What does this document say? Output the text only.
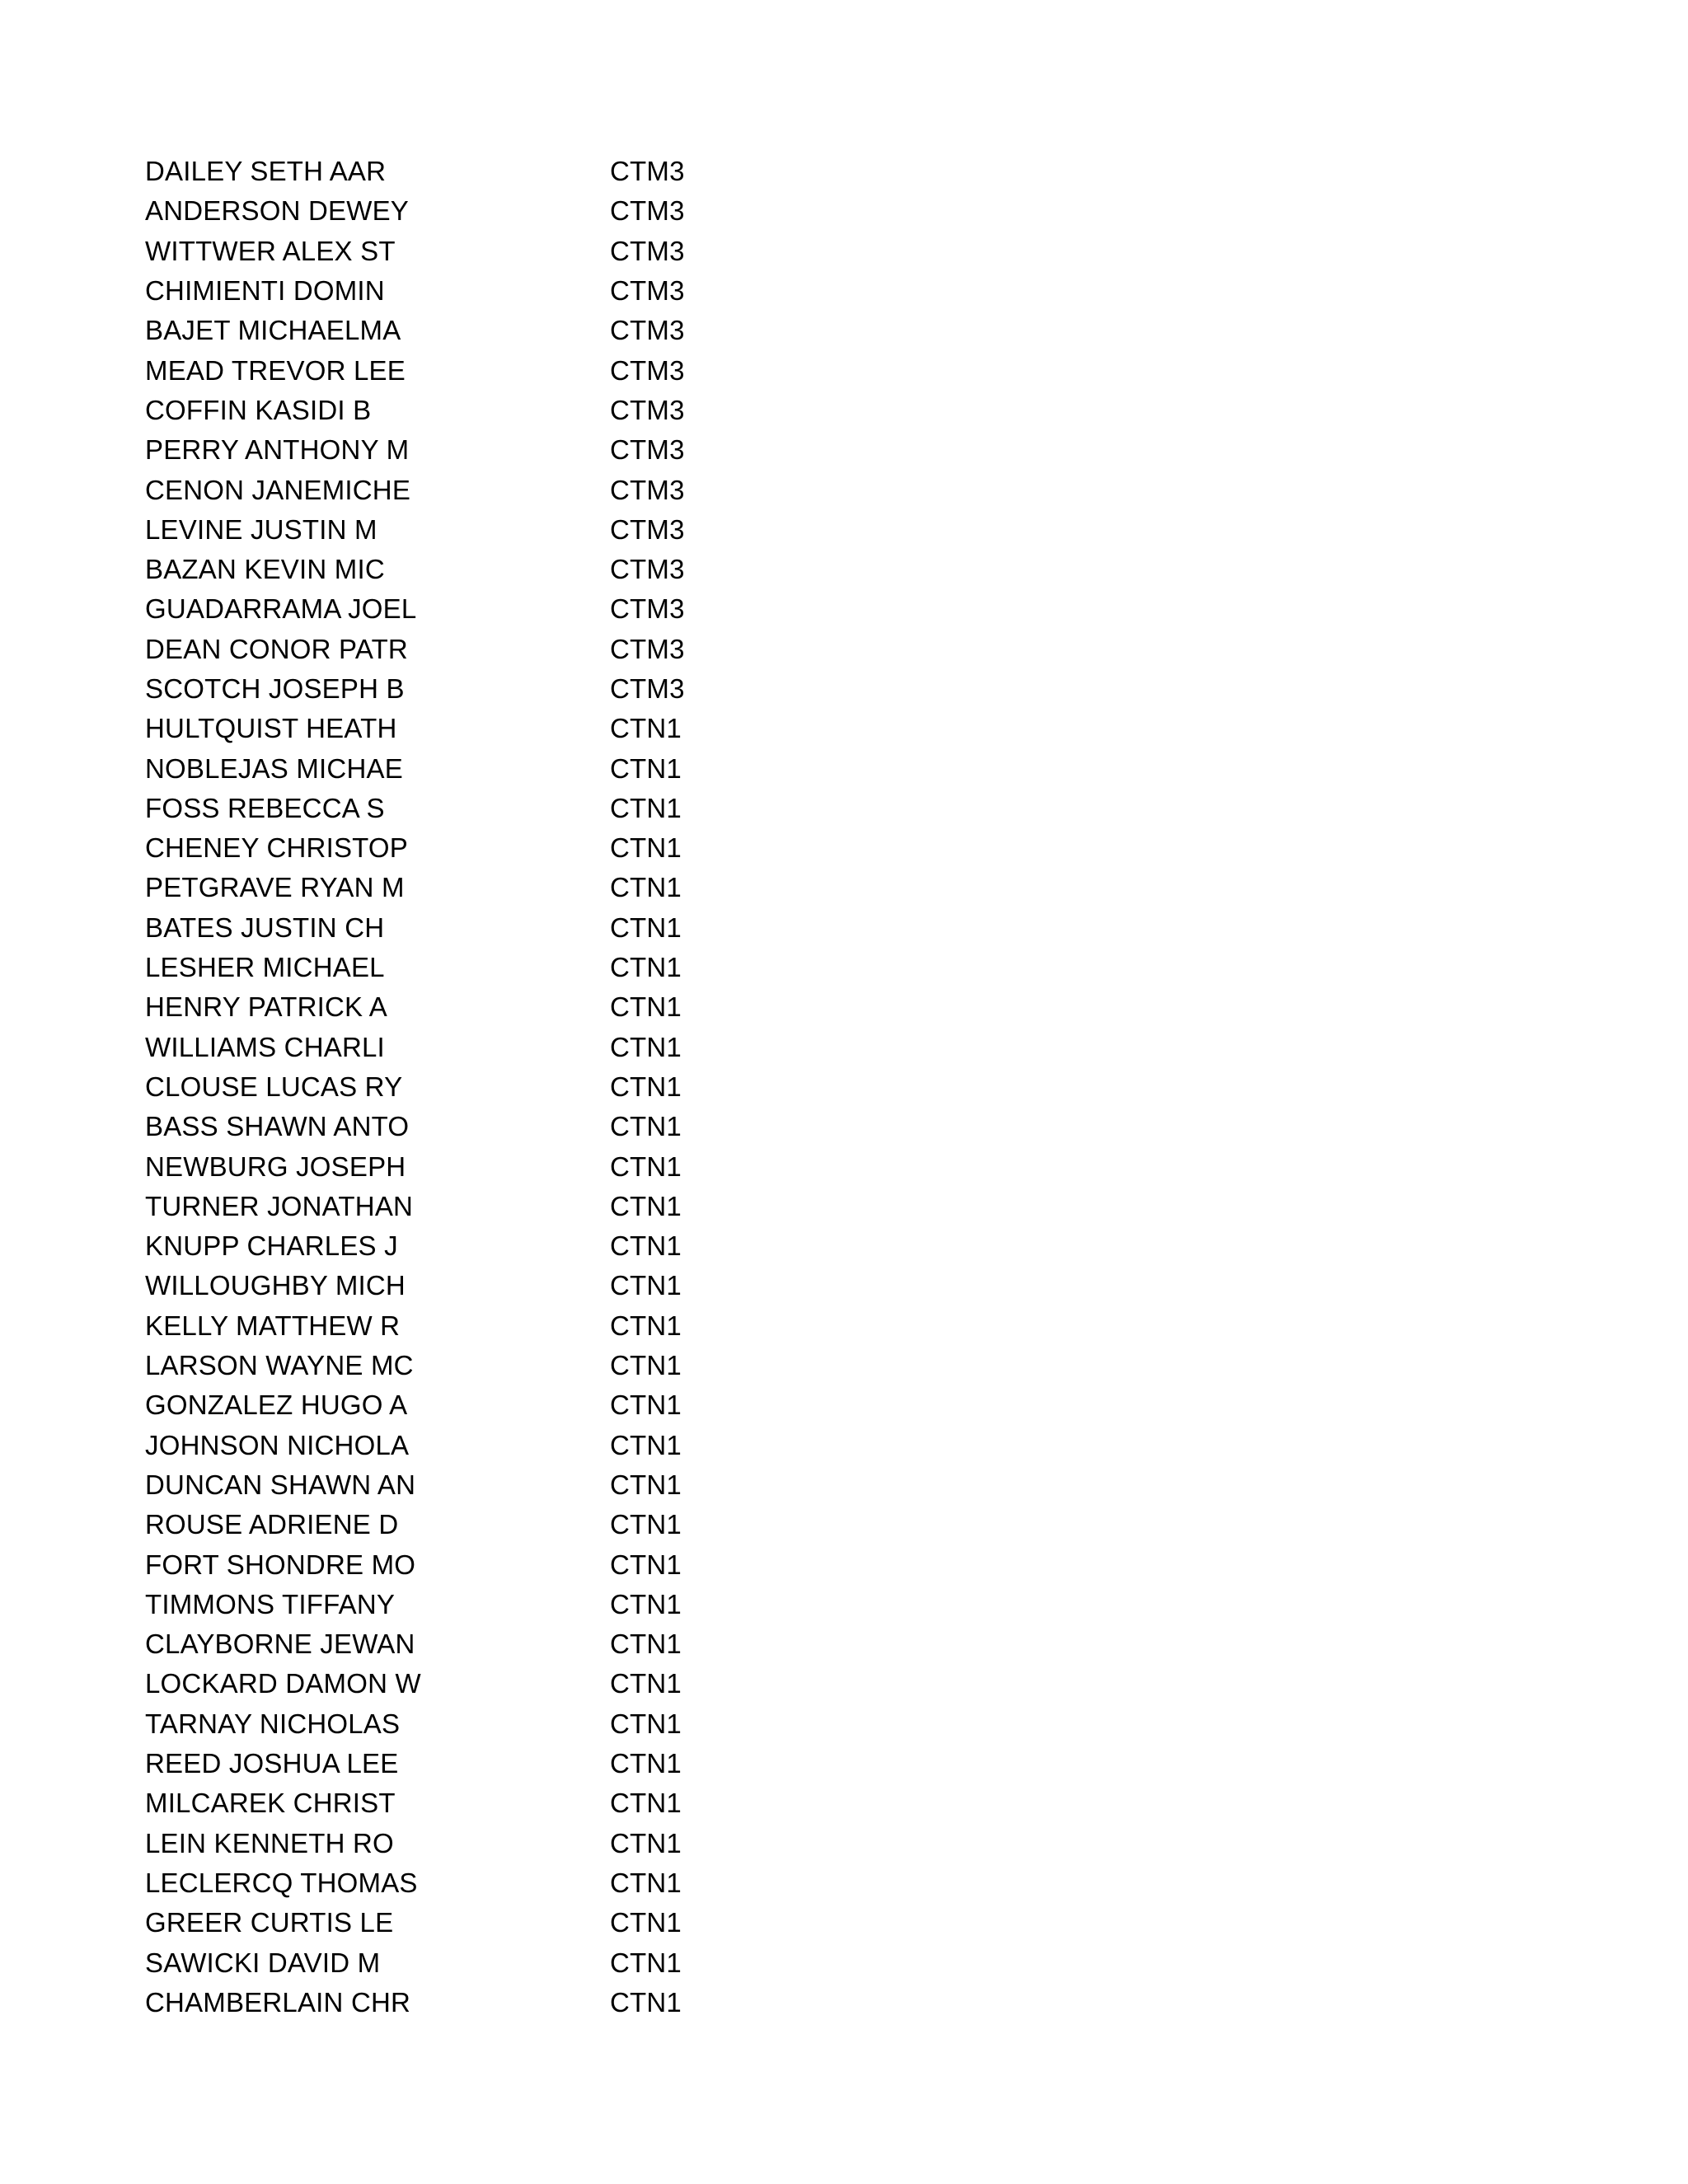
DAILEY SETH AAR	CTM3
ANDERSON DEWEY	CTM3
WITTWER ALEX ST	CTM3
CHIMIENTI DOMIN	CTM3
BAJET MICHAELMA	CTM3
MEAD TREVOR LEE	CTM3
COFFIN KASIDI B	CTM3
PERRY ANTHONY M	CTM3
CENON JANEMICHE	CTM3
LEVINE JUSTIN M	CTM3
BAZAN KEVIN MIC	CTM3
GUADARRAMA JOEL	CTM3
DEAN CONOR PATR	CTM3
SCOTCH JOSEPH B	CTM3
HULTQUIST HEATH	CTN1
NOBLEJAS MICHAE	CTN1
FOSS REBECCA S	CTN1
CHENEY CHRISTOP	CTN1
PETGRAVE RYAN M	CTN1
BATES JUSTIN CH	CTN1
LESHER MICHAEL	CTN1
HENRY PATRICK A	CTN1
WILLIAMS CHARLI	CTN1
CLOUSE LUCAS RY	CTN1
BASS SHAWN ANTO	CTN1
NEWBURG JOSEPH	CTN1
TURNER JONATHAN	CTN1
KNUPP CHARLES J	CTN1
WILLOUGHBY MICH	CTN1
KELLY MATTHEW R	CTN1
LARSON WAYNE MC	CTN1
GONZALEZ HUGO A	CTN1
JOHNSON NICHOLA	CTN1
DUNCAN SHAWN AN	CTN1
ROUSE ADRIENE D	CTN1
FORT SHONDRE MO	CTN1
TIMMONS TIFFANY	CTN1
CLAYBORNE JEWAN	CTN1
LOCKARD DAMON W	CTN1
TARNAY NICHOLAS	CTN1
REED JOSHUA LEE	CTN1
MILCAREK CHRIST	CTN1
LEIN KENNETH RO	CTN1
LECLERCQ THOMAS	CTN1
GREER CURTIS LE	CTN1
SAWICKI DAVID M	CTN1
CHAMBERLAIN CHR	CTN1
